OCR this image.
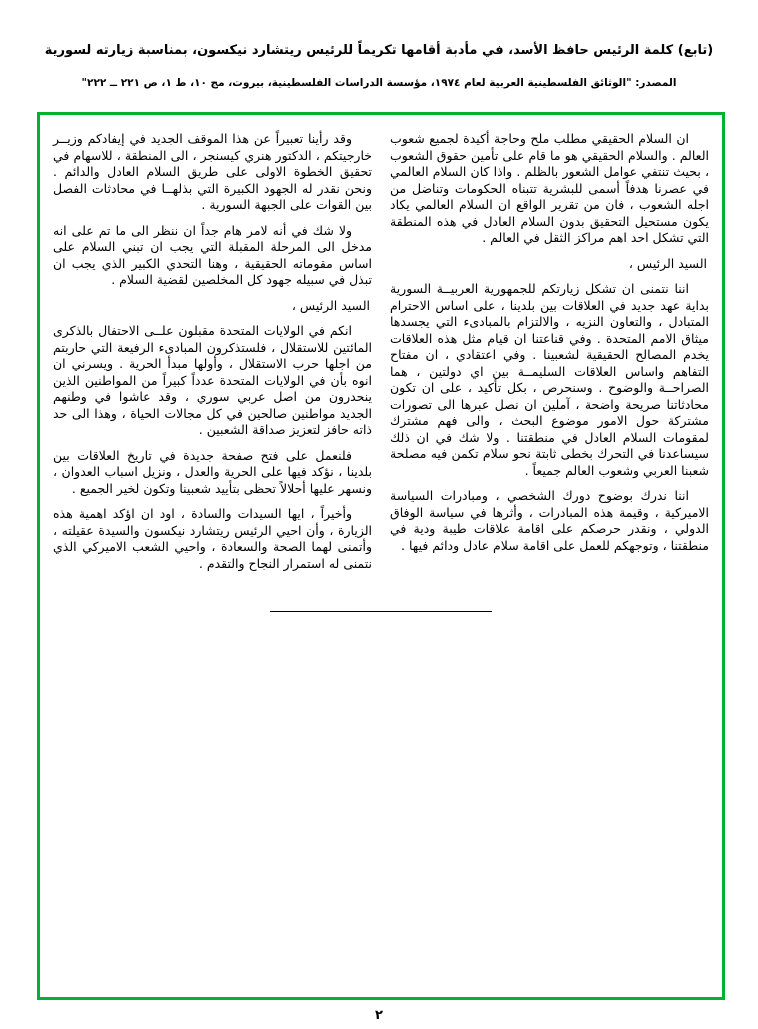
(تابع) كلمة الرئيس حافظ الأسد، في مأدبة أقامها تكريماً للرئيس ريتشارد نيكسون، بمناسبة زيارته لسورية
المصدر: "الوثائق الفلسطينية العربية لعام ١٩٧٤، مؤسسة الدراسات الفلسطينية، بيروت، مج ١٠، ط ١، ص ٢٢١ ــ ٢٢٢"

ان السلام الحقيقي مطلب ملح وحاجة أكيدة لجميع شعوب العالم . والسلام الحقيقي هو ما قام على تأمين حقوق الشعوب ، بحيث تنتفي عوامل الشعور بالظلم . واذا كان السلام العالمي في عصرنا هدفاً أسمى للبشرية تتبناه الحكومات وتناضل من اجله الشعوب ، فان من تقرير الواقع ان السلام العالمي يكاد يكون مستحيل التحقيق بدون السلام العادل في هذه المنطقة التي تشكل احد اهم مراكز الثقل في العالم .

السيد الرئيس ،

اننا نتمنى ان تشكل زيارتكم للجمهورية العربيــة السورية بداية عهد جديد في العلاقات بين بلدينا ، على اساس الاحترام المتبادل ، والتعاون النزيه ، والالتزام بالمبادىء التي يجسدها ميثاق الامم المتحدة . وفي قناعتنا ان قيام مثل هذه العلاقات يخدم المصالح الحقيقية لشعبينا . وفي اعتقادي ، ان مفتاح التفاهم واساس العلاقات السليمــة بين اي دولتين ، هما الصراحــة والوضوح . وسنحرص ، بكل تأكيد ، على ان تكون محادثاتنا صريحة واضحة ، آملين ان نصل عبرها الى تصورات مشتركة حول الامور موضوع البحث ، والى فهم مشترك لمقومات السلام العادل في منطقتنا . ولا شك في ان ذلك سيساعدنا في التحرك بخطى ثابتة نحو سلام تكمن فيه مصلحة شعبنا العربي وشعوب العالم جميعاً .

اننا ندرك بوضوح دورك الشخصي ، ومبادرات السياسة الاميركية ، وقيمة هذه المبادرات ، وأثرها في سياسة الوفاق الدولي ، ونقدر حرصكم على اقامة علاقات طيبة ودية في منطقتنا ، وتوجهكم للعمل على اقامة سلام عادل ودائم فيها .

وقد رأينا تعبيراً عن هذا الموقف الجديد في إيفادكم وزيــر خارجيتكم ، الدكتور هنري كيسنجر ، الى المنطقة ، للاسهام في تحقيق الخطوة الاولى على طريق السلام العادل والدائم . ونحن نقدر له الجهود الكبيرة التي بذلهــا في محادثات الفصل بين القوات على الجبهة السورية .

ولا شك في أنه لامر هام جداً ان ننظر الى ما تم على انه مدخل الى المرحلة المقبلة التي يجب ان تبني السلام على اساس مقوماته الحقيقية ، وهنا التحدي الكبير الذي يجب ان تبذل في سبيله جهود كل المخلصين لقضية السلام .

السيد الرئيس ،

انكم في الولايات المتحدة مقبلون علــى الاحتفال بالذكرى المائتين للاستقلال ، فلستذكرون المبادىء الرفيعة التي حاربتم من اجلها حرب الاستقلال ، وأولها مبدأ الحرية . ويسرني ان انوه بأن في الولايات المتحدة عدداً كبيراً من المواطنين الذين ينحدرون من اصل عربي سوري ، وقد عاشوا في وطنهم الجديد مواطنين صالحين في كل مجالات الحياة ، وهذا الى حد ذاته حافز لتعزيز صداقة الشعبين .

فلنعمل على فتح صفحة جديدة في تاريخ العلاقات بين بلدينا ، نؤكد فيها على الحرية والعدل ، ونزيل اسباب العدوان ، ونسهر عليها أحلالاً تحظى بتأييد شعبينا وتكون لخير الجميع .

وأخيراً ، ايها السيدات والسادة ، اود ان اؤكد اهمية هذه الزيارة ، وأن احيي الرئيس ريتشارد نيكسون والسيدة عقيلته ، وأتمنى لهما الصحة والسعادة ، واحيي الشعب الاميركي الذي نتمنى له استمرار النجاح والتقدم .

٢
